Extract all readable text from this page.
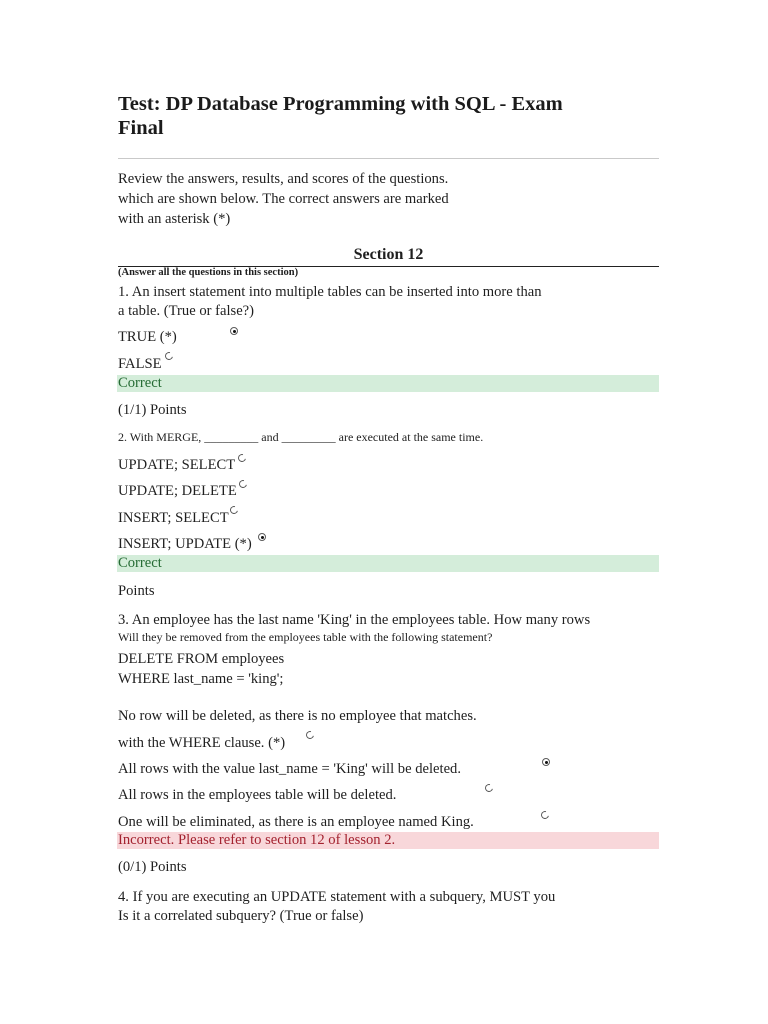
Test: DP Database Programming with SQL - Exam
Final
Review the answers, results, and scores of the questions.
which are shown below. The correct answers are marked
with an asterisk (*)
Section 12
(Answer all the questions in this section)
1. An insert statement into multiple tables can be inserted into more than
a table. (True or false?)
TRUE (*)
FALSE
Correct
(1/1) Points
2. With MERGE, _________ and _________ are executed at the same time.
UPDATE; SELECT
UPDATE; DELETE
INSERT; SELECT
INSERT; UPDATE (*)
Correct
Points
3. An employee has the last name 'King' in the employees table. How many rows
Will they be removed from the employees table with the following statement?
DELETE FROM employees
WHERE last_name = 'king';
No row will be deleted, as there is no employee that matches.
with the WHERE clause. (*)
All rows with the value last_name = 'King' will be deleted.
All rows in the employees table will be deleted.
One will be eliminated, as there is an employee named King.
Incorrect. Please refer to section 12 of lesson 2.
(0/1) Points
4. If you are executing an UPDATE statement with a subquery, MUST you
Is it a correlated subquery? (True or false)
